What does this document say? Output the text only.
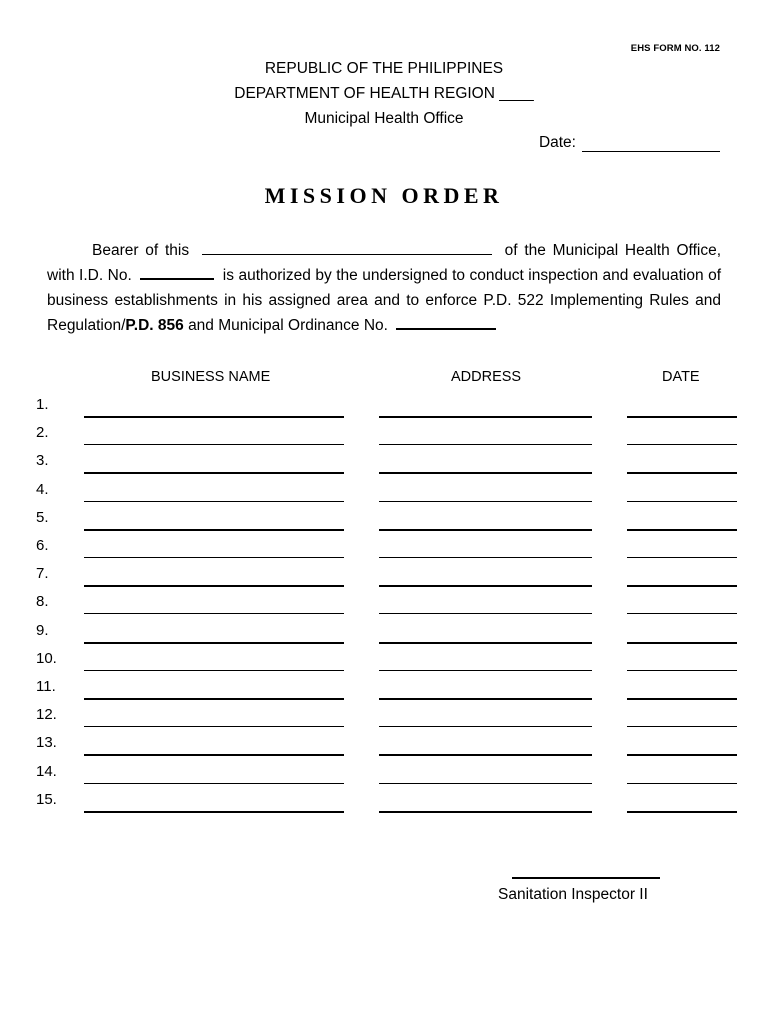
EHS FORM NO. 112
REPUBLIC OF THE PHILIPPINES
DEPARTMENT OF HEALTH REGION ____
Municipal Health Office
Date:
MISSION ORDER
Bearer of this	of the Municipal Health Office, with I.D. No.	is authorized by the undersigned to conduct inspection and evaluation of business establishments in his assigned area and to enforce P.D. 522 Implementing Rules and Regulation/P.D. 856 and Municipal Ordinance No.
BUSINESS NAME	ADDRESS	DATE
1.
2.
3.
4.
5.
6.
7.
8.
9.
10.
11.
12.
13.
14.
15.
Sanitation Inspector II
